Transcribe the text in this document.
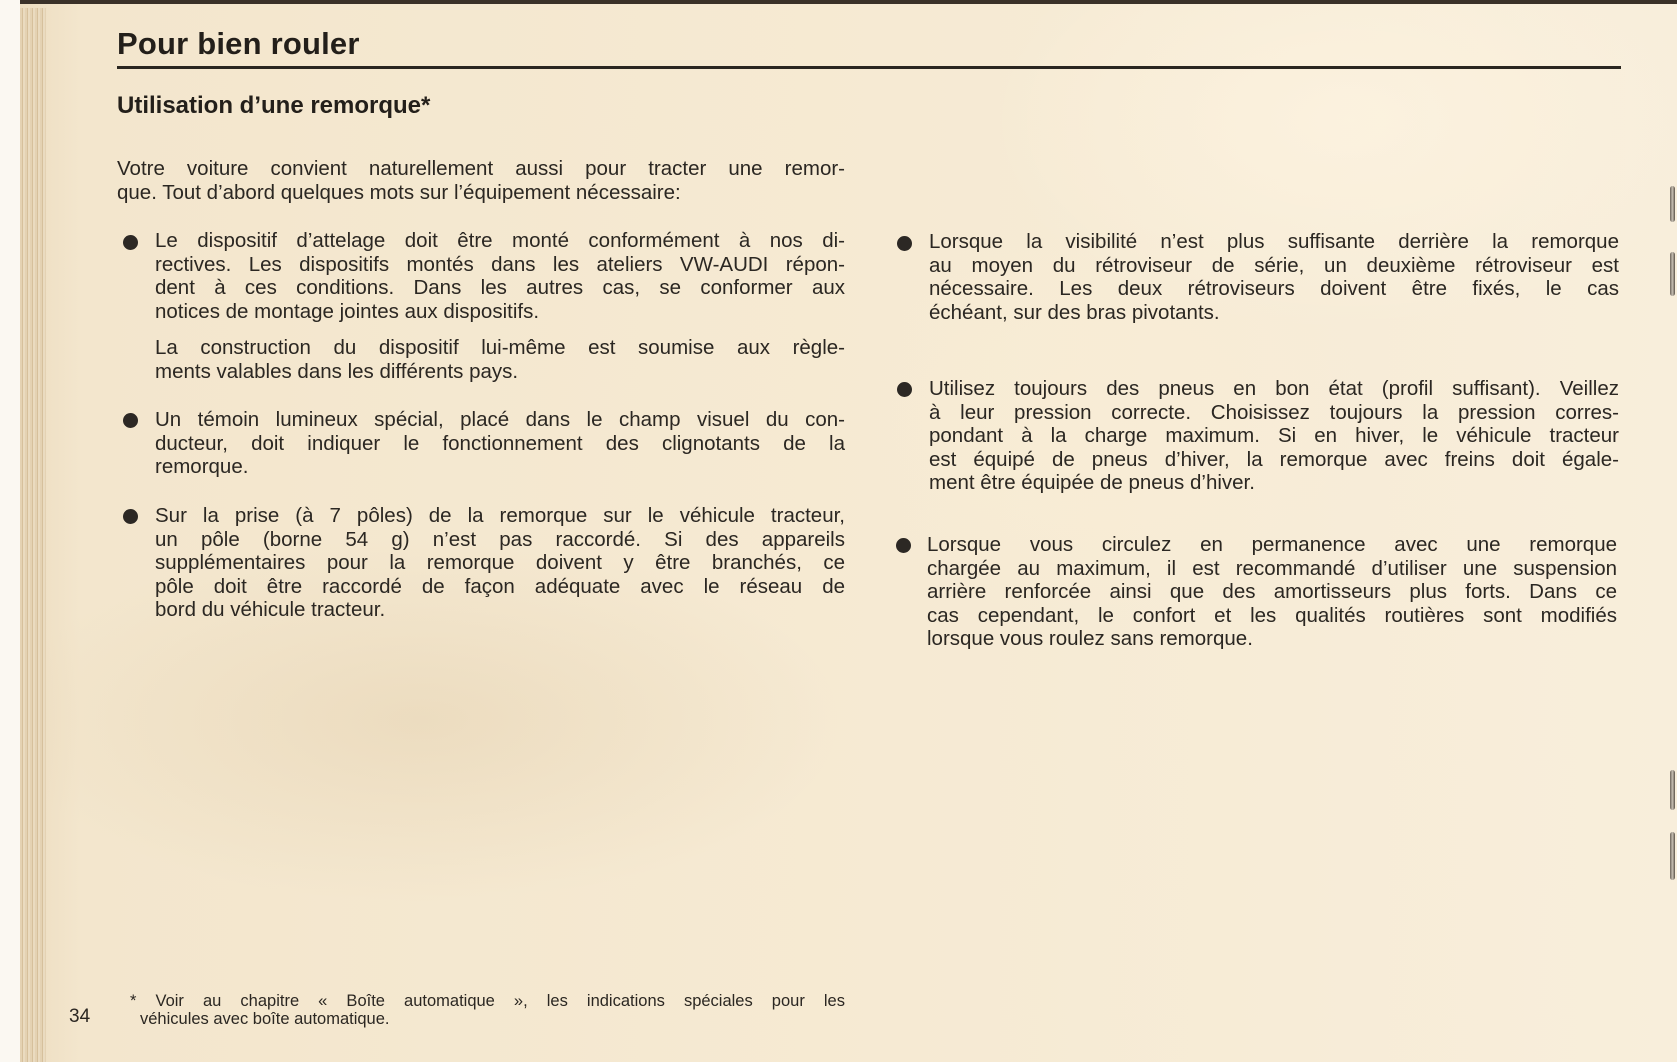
Pour bien rouler
Utilisation d’une remorque*
Votre voiture convient naturellement aussi pour tracter une remor-
que. Tout d’abord quelques mots sur l’équipement nécessaire:
Le dispositif d’attelage doit être monté conformément à nos di-
rectives. Les dispositifs montés dans les ateliers VW-AUDI répon-
dent à ces conditions. Dans les autres cas, se conformer aux
notices de montage jointes aux dispositifs.
La construction du dispositif lui-même est soumise aux règle-
ments valables dans les différents pays.
Un témoin lumineux spécial, placé dans le champ visuel du con-
ducteur, doit indiquer le fonctionnement des clignotants de la
remorque.
Sur la prise (à 7 pôles) de la remorque sur le véhicule tracteur,
un pôle (borne 54 g) n’est pas raccordé. Si des appareils
supplémentaires pour la remorque doivent y être branchés, ce
pôle doit être raccordé de façon adéquate avec le réseau de
bord du véhicule tracteur.
Lorsque la visibilité n’est plus suffisante derrière la remorque
au moyen du rétroviseur de série, un deuxième rétroviseur est
nécessaire. Les deux rétroviseurs doivent être fixés, le cas
échéant, sur des bras pivotants.
Utilisez toujours des pneus en bon état (profil suffisant). Veillez
à leur pression correcte. Choisissez toujours la pression corres-
pondant à la charge maximum. Si en hiver, le véhicule tracteur
est équipé de pneus d’hiver, la remorque avec freins doit égale-
ment être équipée de pneus d’hiver.
Lorsque vous circulez en permanence avec une remorque
chargée au maximum, il est recommandé d’utiliser une suspension
arrière renforcée ainsi que des amortisseurs plus forts. Dans ce
cas cependant, le confort et les qualités routières sont modifiés
lorsque vous roulez sans remorque.
* Voir au chapitre « Boîte automatique », les indications spéciales pour les
véhicules avec boîte automatique.
34
